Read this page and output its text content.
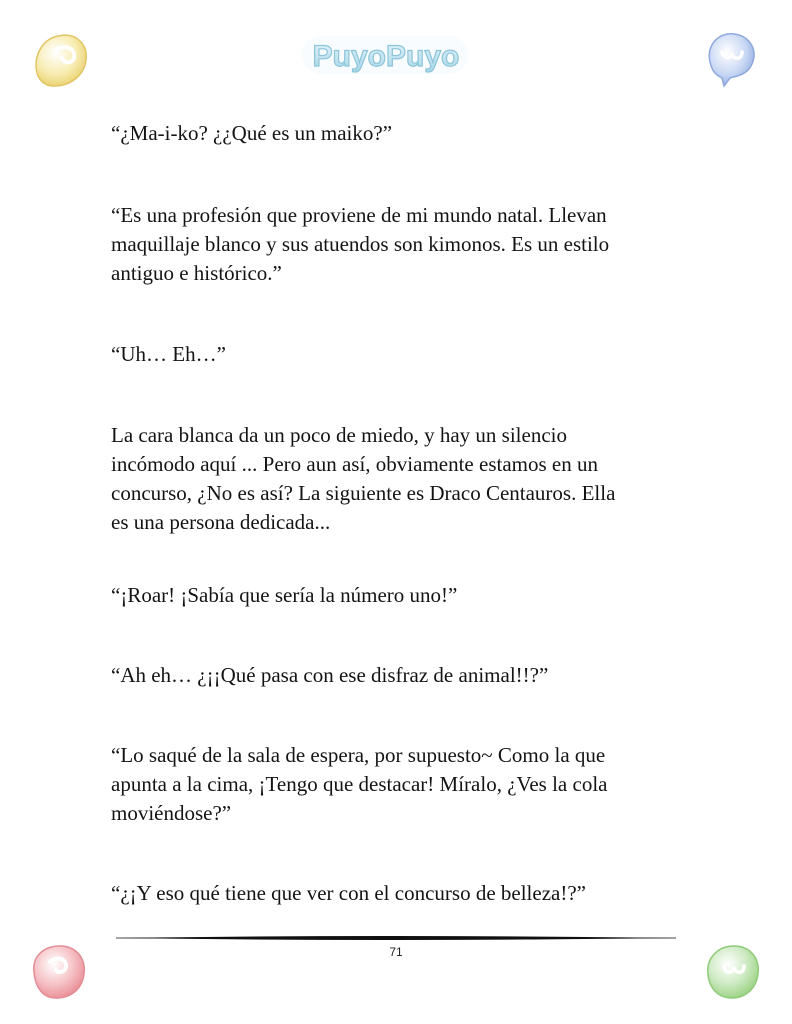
PuyoPuyo

“¿Ma-i-ko? ¿¿Qué es un maiko?”

“Es una profesión que proviene de mi mundo natal. Llevan
maquillaje blanco y sus atuendos son kimonos. Es un estilo
antiguo e histórico.”

“Uh… Eh…”

La cara blanca da un poco de miedo, y hay un silencio
incómodo aquí ... Pero aun así, obviamente estamos en un
concurso, ¿No es así? La siguiente es Draco Centauros. Ella
es una persona dedicada...

“¡Roar! ¡Sabía que sería la número uno!”

“Ah eh… ¿¡¡Qué pasa con ese disfraz de animal!!?”

“Lo saqué de la sala de espera, por supuesto~ Como la que
apunta a la cima, ¡Tengo que destacar! Míralo, ¿Ves la cola
moviéndose?”

“¿¡Y eso qué tiene que ver con el concurso de belleza!?”

71
